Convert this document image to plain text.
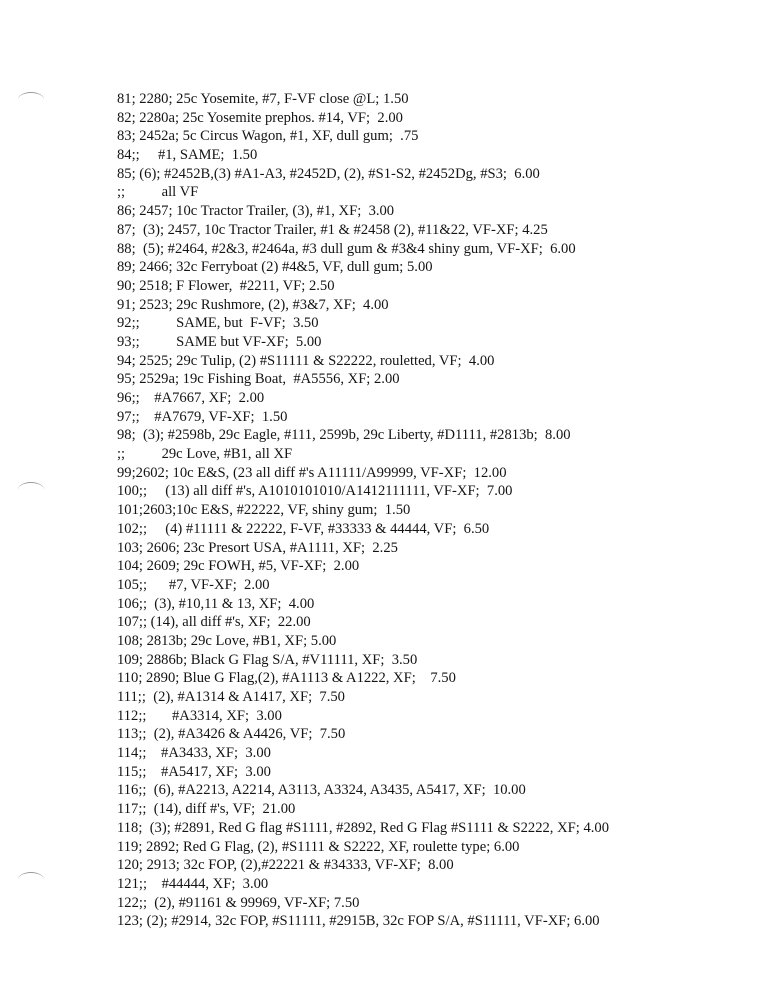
81; 2280; 25c Yosemite, #7, F-VF close @L; 1.50
82; 2280a; 25c Yosemite prephos. #14, VF;  2.00
83; 2452a; 5c Circus Wagon, #1, XF, dull gum;  .75
84;;     #1, SAME;  1.50
85; (6); #2452B,(3) #A1-A3, #2452D, (2), #S1-S2, #2452Dg, #S3;  6.00
;;          all VF
86; 2457; 10c Tractor Trailer, (3), #1, XF;  3.00
87;  (3); 2457, 10c Tractor Trailer, #1 & #2458 (2), #11&22, VF-XF; 4.25
88;  (5); #2464, #2&3, #2464a, #3 dull gum & #3&4 shiny gum, VF-XF;  6.00
89; 2466; 32c Ferryboat (2) #4&5, VF, dull gum; 5.00
90; 2518; F Flower,  #2211, VF; 2.50
91; 2523; 29c Rushmore, (2), #3&7, XF;  4.00
92;;          SAME, but  F-VF;  3.50
93;;          SAME but VF-XF;  5.00
94; 2525; 29c Tulip, (2) #S11111 & S22222, rouletted, VF;  4.00
95; 2529a; 19c Fishing Boat,  #A5556, XF; 2.00
96;;    #A7667, XF;  2.00
97;;    #A7679, VF-XF;  1.50
98;  (3); #2598b, 29c Eagle, #111, 2599b, 29c Liberty, #D1111, #2813b;  8.00
;;          29c Love, #B1, all XF
99;2602; 10c E&S, (23 all diff #'s A11111/A99999, VF-XF;  12.00
100;;     (13) all diff #'s, A1010101010/A1412111111, VF-XF;  7.00
101;2603;10c E&S, #22222, VF, shiny gum;  1.50
102;;     (4) #11111 & 22222, F-VF, #33333 & 44444, VF;  6.50
103; 2606; 23c Presort USA, #A1111, XF;  2.25
104; 2609; 29c FOWH, #5, VF-XF;  2.00
105;;      #7, VF-XF;  2.00
106;;  (3), #10,11 & 13, XF;  4.00
107;; (14), all diff #'s, XF;  22.00
108; 2813b; 29c Love, #B1, XF; 5.00
109; 2886b; Black G Flag S/A, #V11111, XF;  3.50
110; 2890; Blue G Flag,(2), #A1113 & A1222, XF;    7.50
111;;  (2), #A1314 & A1417, XF;  7.50
112;;       #A3314, XF;  3.00
113;;  (2), #A3426 & A4426, VF;  7.50
114;;    #A3433, XF;  3.00
115;;    #A5417, XF;  3.00
116;;  (6), #A2213, A2214, A3113, A3324, A3435, A5417, XF;  10.00
117;;  (14), diff #'s, VF;  21.00
118;  (3); #2891, Red G flag #S1111, #2892, Red G Flag #S1111 & S2222, XF; 4.00
119; 2892; Red G Flag, (2), #S1111 & S2222, XF, roulette type; 6.00
120; 2913; 32c FOP, (2),#22221 & #34333, VF-XF;  8.00
121;;    #44444, XF;  3.00
122;;  (2), #91161 & 99969, VF-XF; 7.50
123; (2); #2914, 32c FOP, #S11111, #2915B, 32c FOP S/A, #S11111, VF-XF; 6.00
